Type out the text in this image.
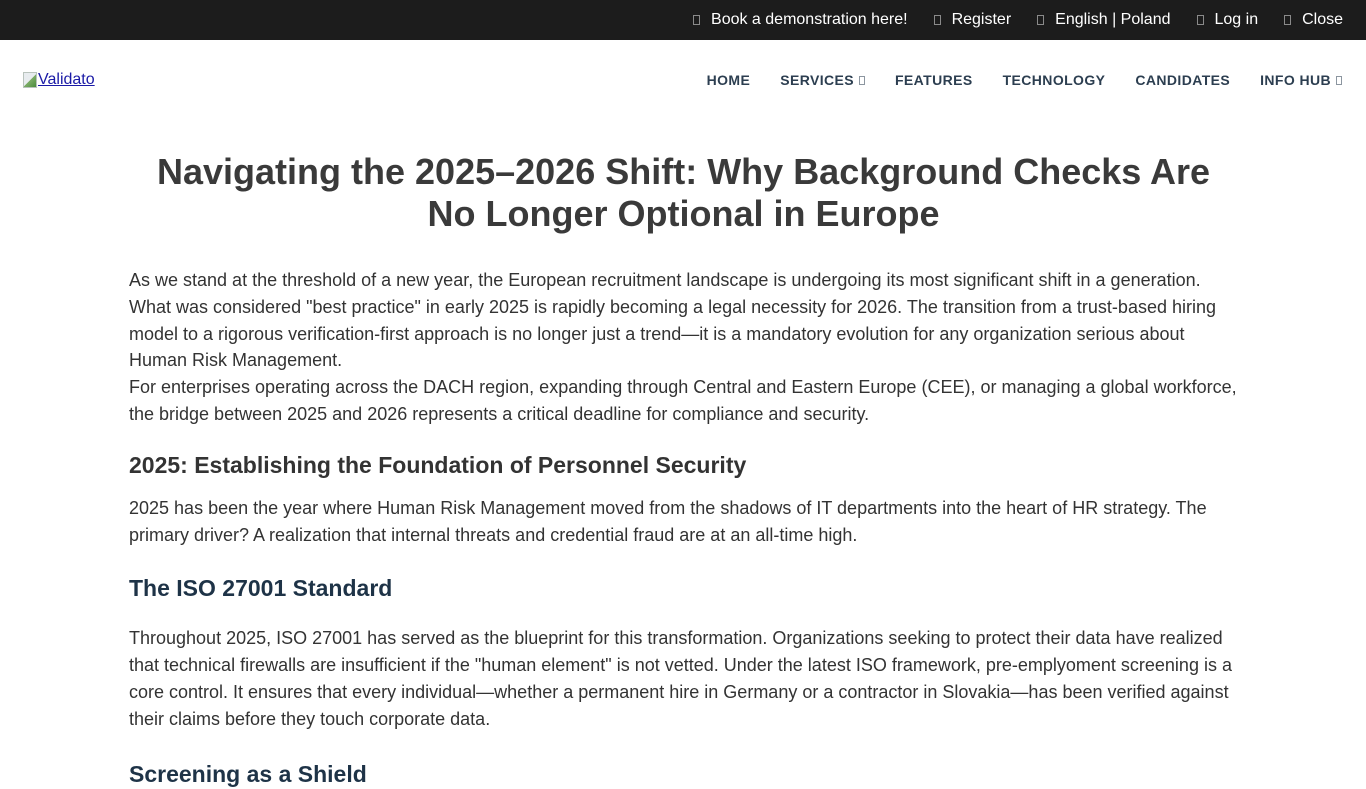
Book a demonstration here!	Register	English | Poland	Log in	Close
Validato	HOME SERVICES	FEATURES TECHNOLOGY CANDIDATES INFO HUB
Navigating the 2025–2026 Shift: Why Background Checks Are No Longer Optional in Europe

As we stand at the threshold of a new year, the European recruitment landscape is undergoing its most significant shift in a generation. What was considered "best practice" in early 2025 is rapidly becoming a legal necessity for 2026. The transition from a trust-based hiring model to a rigorous verification-first approach is no longer just a trend—it is a mandatory evolution for any organization serious about Human Risk Management.

For enterprises operating across the DACH region, expanding through Central and Eastern Europe (CEE), or managing a global workforce, the bridge between 2025 and 2026 represents a critical deadline for compliance and security.

2025: Establishing the Foundation of Personnel Security

2025 has been the year where Human Risk Management moved from the shadows of IT departments into the heart of HR strategy. The primary driver? A realization that internal threats and credential fraud are at an all-time high.

The ISO 27001 Standard

Throughout 2025, ISO 27001 has served as the blueprint for this transformation. Organizations seeking to protect their data have realized that technical firewalls are insufficient if the "human element" is not vetted. Under the latest ISO framework, pre-emplyoment screening is a core control. It ensures that every individual—whether a permanent hire in Germany or a contractor in Slovakia—has been verified against their claims before they touch corporate data.

Screening as a Shield
